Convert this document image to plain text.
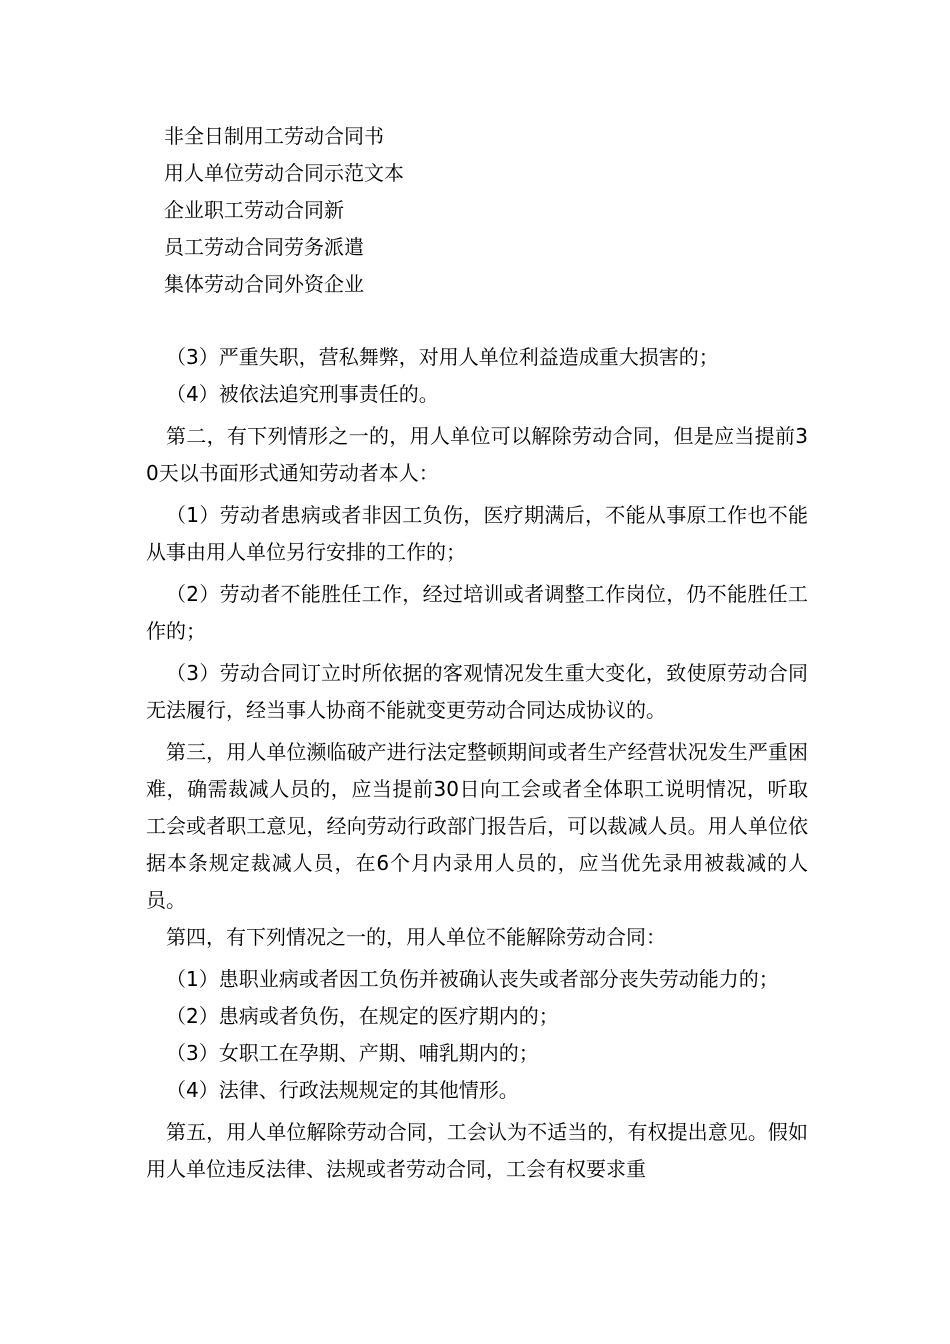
非全日制用工劳动合同书
用人单位劳动合同示范文本
企业职工劳动合同新
员工劳动合同劳务派遣
集体劳动合同外资企业

（3）严重失职，营私舞弊，对用人单位利益造成重大损害的；

（4）被依法追究刑事责任的。

第二，有下列情形之一的，用人单位可以解除劳动合同，但是应当提前30天以书面形式通知劳动者本人：

（1）劳动者患病或者非因工负伤，医疗期满后，不能从事原工作也不能从事由用人单位另行安排的工作的；

（2）劳动者不能胜任工作，经过培训或者调整工作岗位，仍不能胜任工作的；

（3）劳动合同订立时所依据的客观情况发生重大变化，致使原劳动合同无法履行，经当事人协商不能就变更劳动合同达成协议的。

第三，用人单位濒临破产进行法定整顿期间或者生产经营状况发生严重困难，确需裁减人员的，应当提前30日向工会或者全体职工说明情况，听取工会或者职工意见，经向劳动行政部门报告后，可以裁减人员。用人单位依据本条规定裁减人员，在6个月内录用人员的，应当优先录用被裁减的人员。

第四，有下列情况之一的，用人单位不能解除劳动合同：

（1）患职业病或者因工负伤并被确认丧失或者部分丧失劳动能力的；

（2）患病或者负伤，在规定的医疗期内的；

（3）女职工在孕期、产期、哺乳期内的；

（4）法律、行政法规规定的其他情形。

第五，用人单位解除劳动合同，工会认为不适当的，有权提出意见。假如用人单位违反法律、法规或者劳动合同，工会有权要求重
